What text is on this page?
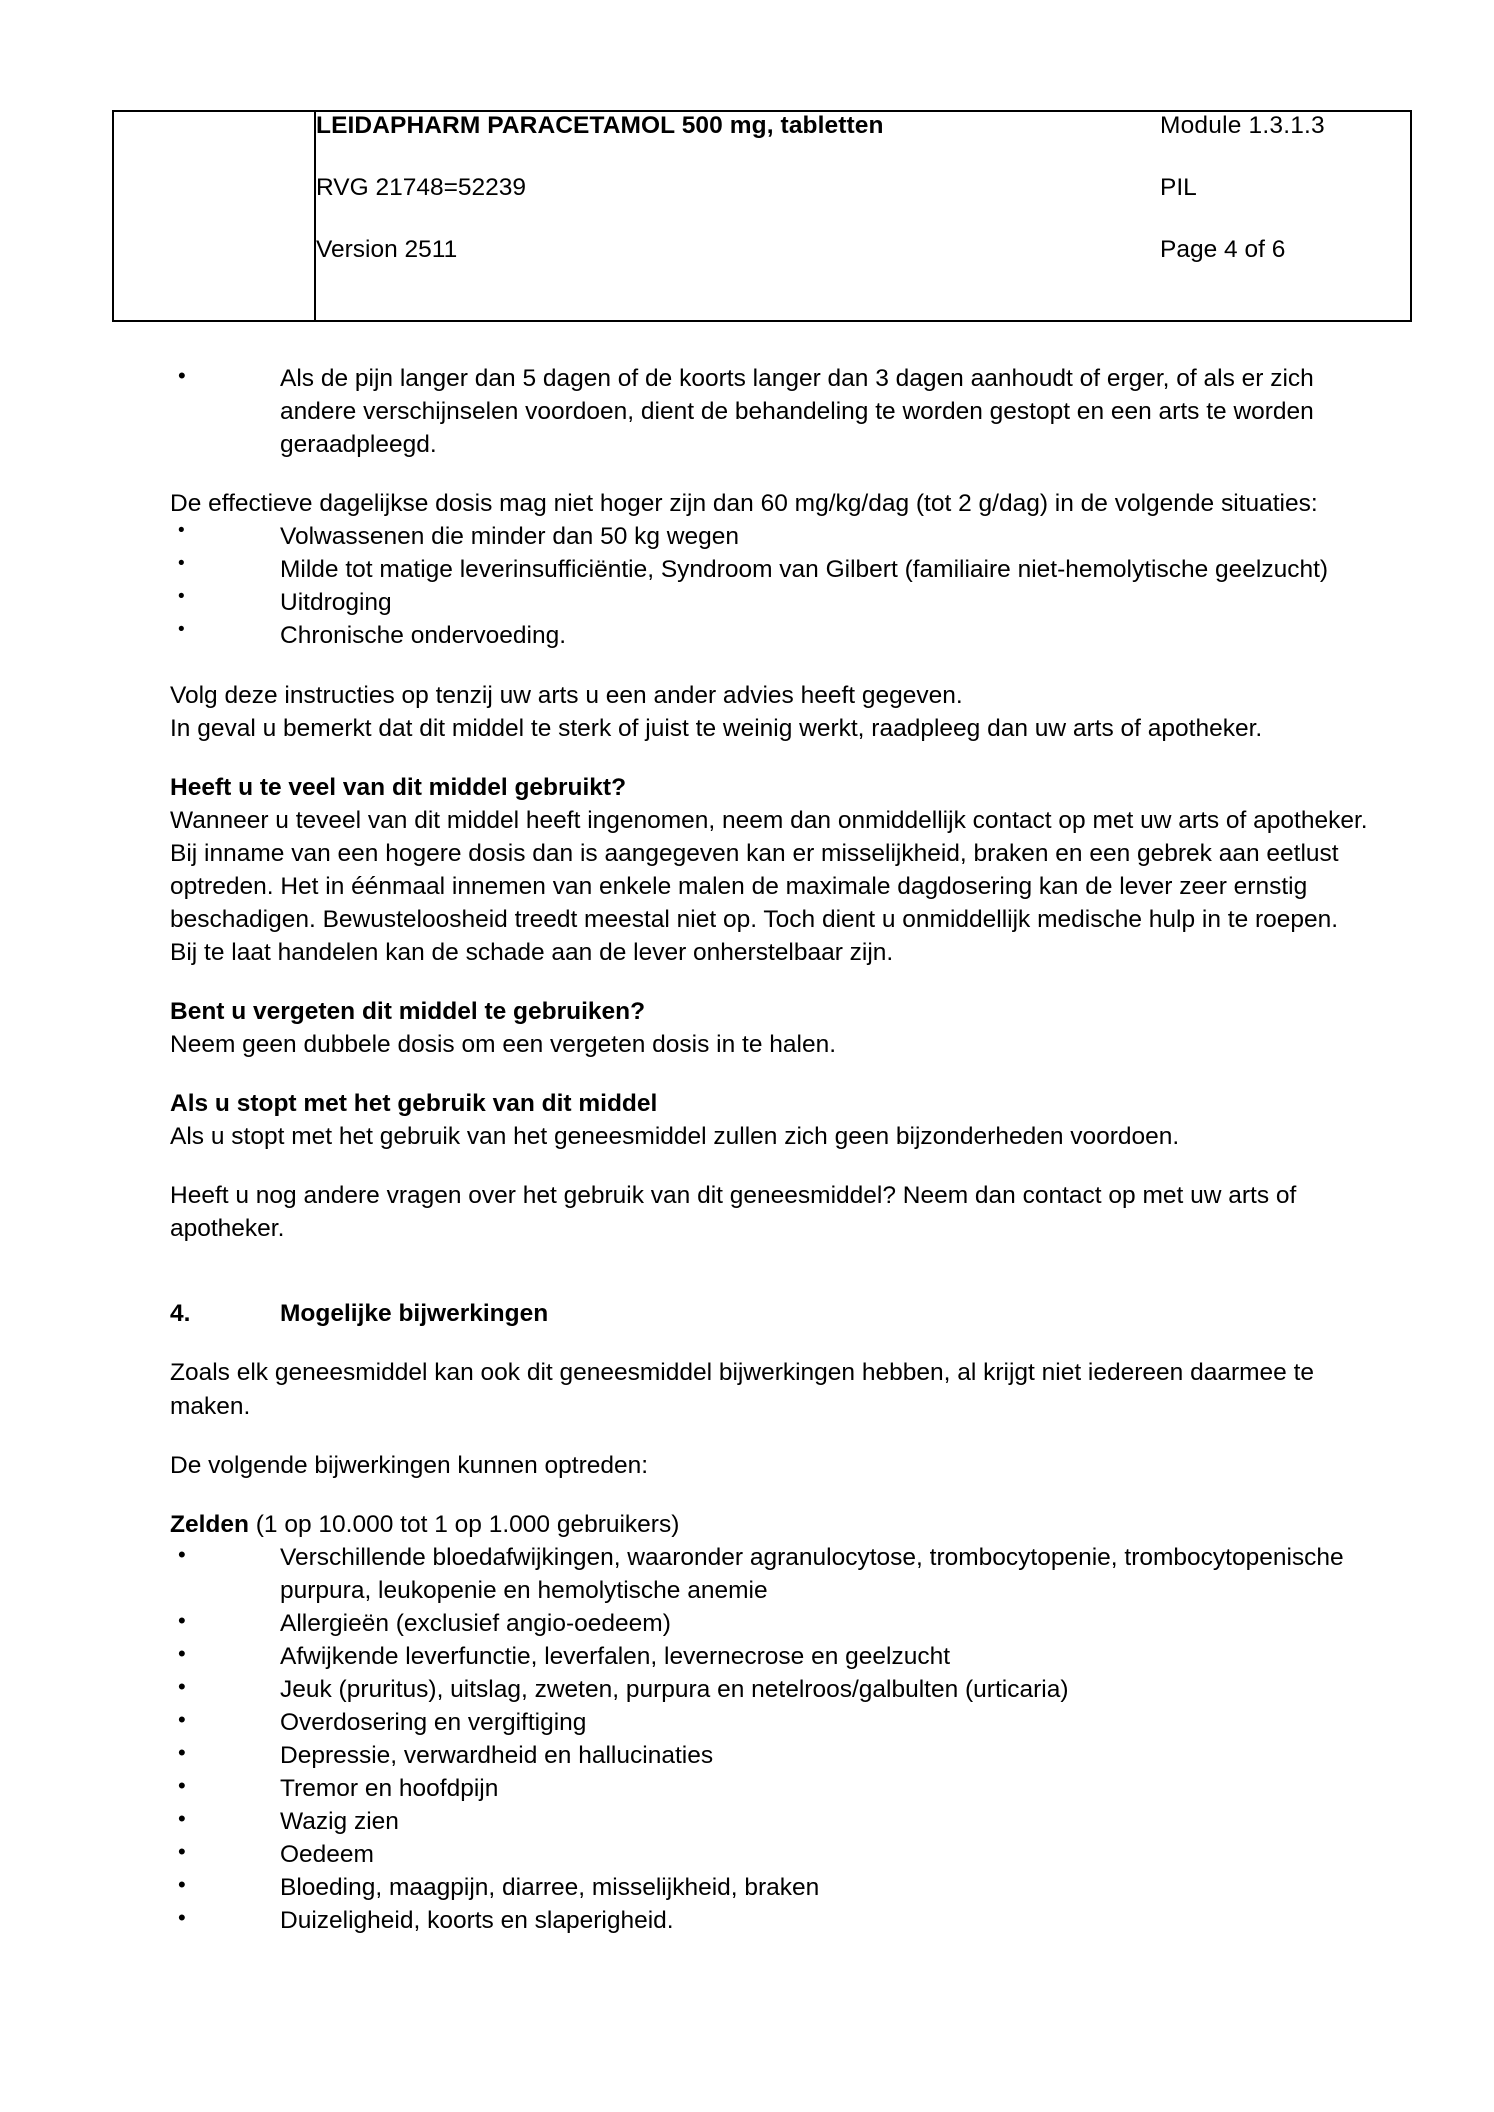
LEIDAPHARM PARACETAMOL 500 mg, tabletten	Module 1.3.1.3
RVG 21748=52239	PIL
Version 2511	Page 4 of 6
• Als de pijn langer dan 5 dagen of de koorts langer dan 3 dagen aanhoudt of erger, of als er zich andere verschijnselen voordoen, dient de behandeling te worden gestopt en een arts te worden geraadpleegd.

De effectieve dagelijkse dosis mag niet hoger zijn dan 60 mg/kg/dag (tot 2 g/dag) in de volgende situaties:

• Volwassenen die minder dan 50 kg wegen
• Milde tot matige leverinsufficiëntie, Syndroom van Gilbert (familiaire niet-hemolytische geelzucht)
• Uitdroging
• Chronische ondervoeding.

Volg deze instructies op tenzij uw arts u een ander advies heeft gegeven.

In geval u bemerkt dat dit middel te sterk of juist te weinig werkt, raadpleeg dan uw arts of apotheker.

Heeft u te veel van dit middel gebruikt?

Wanneer u teveel van dit middel heeft ingenomen, neem dan onmiddellijk contact op met uw arts of apotheker. Bij inname van een hogere dosis dan is aangegeven kan er misselijkheid, braken en een gebrek aan eetlust optreden. Het in éénmaal innemen van enkele malen de maximale dagdosering kan de lever zeer ernstig beschadigen. Bewusteloosheid treedt meestal niet op. Toch dient u onmiddellijk medische hulp in te roepen. Bij te laat handelen kan de schade aan de lever onherstelbaar zijn.

Bent u vergeten dit middel te gebruiken?

Neem geen dubbele dosis om een vergeten dosis in te halen.

Als u stopt met het gebruik van dit middel

Als u stopt met het gebruik van het geneesmiddel zullen zich geen bijzonderheden voordoen.

Heeft u nog andere vragen over het gebruik van dit geneesmiddel? Neem dan contact op met uw arts of apotheker.

4.	Mogelijke bijwerkingen

Zoals elk geneesmiddel kan ook dit geneesmiddel bijwerkingen hebben, al krijgt niet iedereen daarmee te maken.

De volgende bijwerkingen kunnen optreden:

Zelden (1 op 10.000 tot 1 op 1.000 gebruikers)

• Verschillende bloedafwijkingen, waaronder agranulocytose, trombocytopenie, trombocytopenische purpura, leukopenie en hemolytische anemie
• Allergieën (exclusief angio-oedeem)
• Afwijkende leverfunctie, leverfalen, levernecrose en geelzucht
• Jeuk (pruritus), uitslag, zweten, purpura en netelroos/galbulten (urticaria)
• Overdosering en vergiftiging
• Depressie, verwardheid en hallucinaties
• Tremor en hoofdpijn
• Wazig zien
• Oedeem
• Bloeding, maagpijn, diarree, misselijkheid, braken
• Duizeligheid, koorts en slaperigheid.
